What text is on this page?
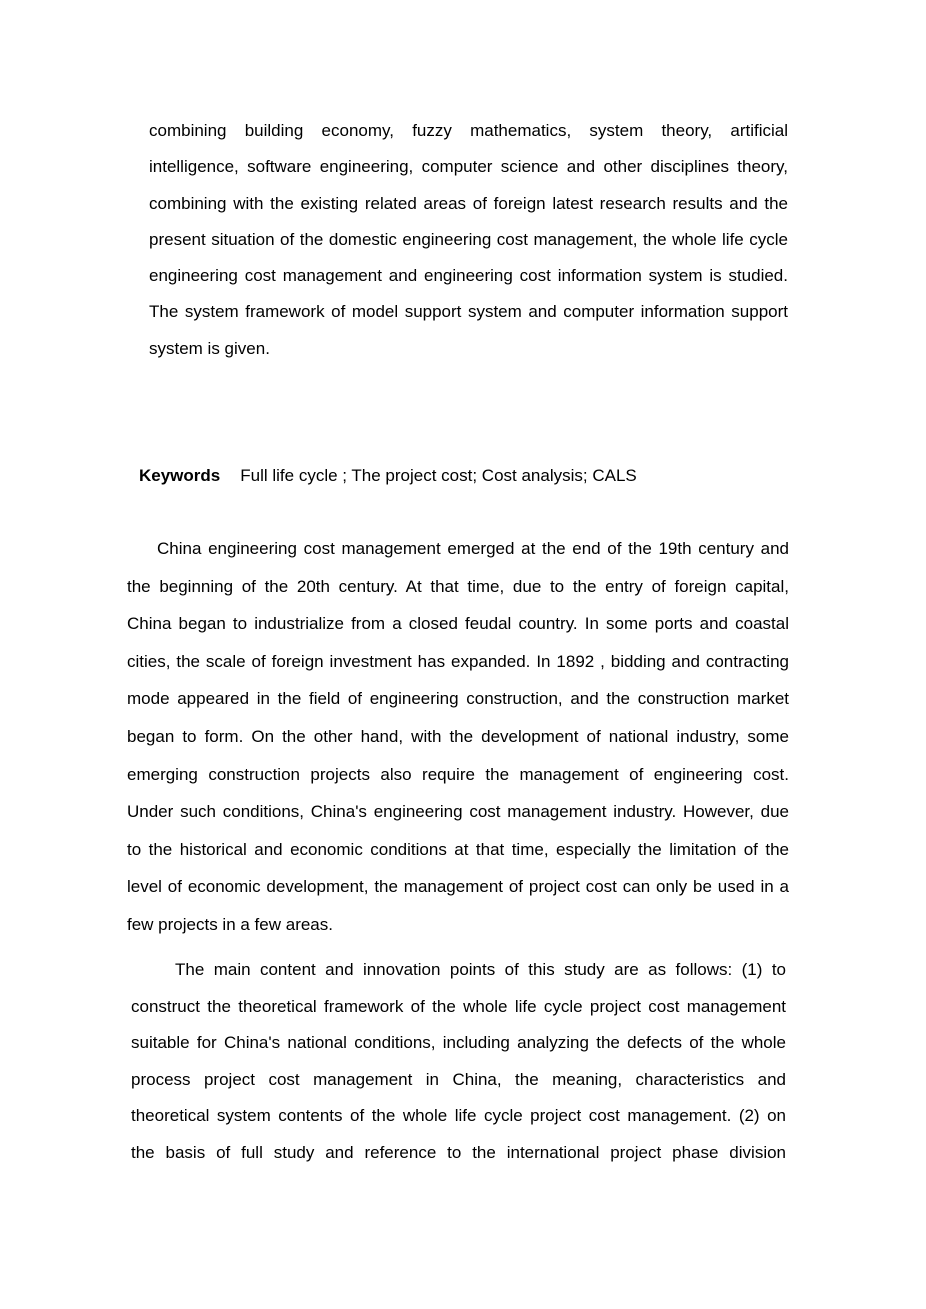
combining building economy, fuzzy mathematics, system theory, artificial
intelligence, software engineering, computer science and other disciplines theory,
combining with the existing related areas of foreign latest research results and the
present situation of the domestic engineering cost management, the whole life cycle
engineering cost management and engineering cost information system is studied.
The system framework of model support system and computer information support
system is given.
Keywords Full life cycle ; The project cost; Cost analysis; CALS
China engineering cost management emerged at the end of the 19th century and
the beginning of the 20th century. At that time, due to the entry of foreign capital,
China began to industrialize from a closed feudal country. In some ports and coastal
cities, the scale of foreign investment has expanded. In 1892 , bidding and contracting
mode appeared in the field of engineering construction, and the construction market
began to form. On the other hand, with the development of national industry, some
emerging construction projects also require the management of engineering cost.
Under such conditions, China's engineering cost management industry. However, due
to the historical and economic conditions at that time, especially the limitation of the
level of economic development, the management of project cost can only be used in a
few projects in a few areas.
The main content and innovation points of this study are as follows: (1) to
construct the theoretical framework of the whole life cycle project cost management
suitable for China's national conditions, including analyzing the defects of the whole
process project cost management in China, the meaning, characteristics and
theoretical system contents of the whole life cycle project cost management. (2) on
the basis of full study and reference to the international project phase division
